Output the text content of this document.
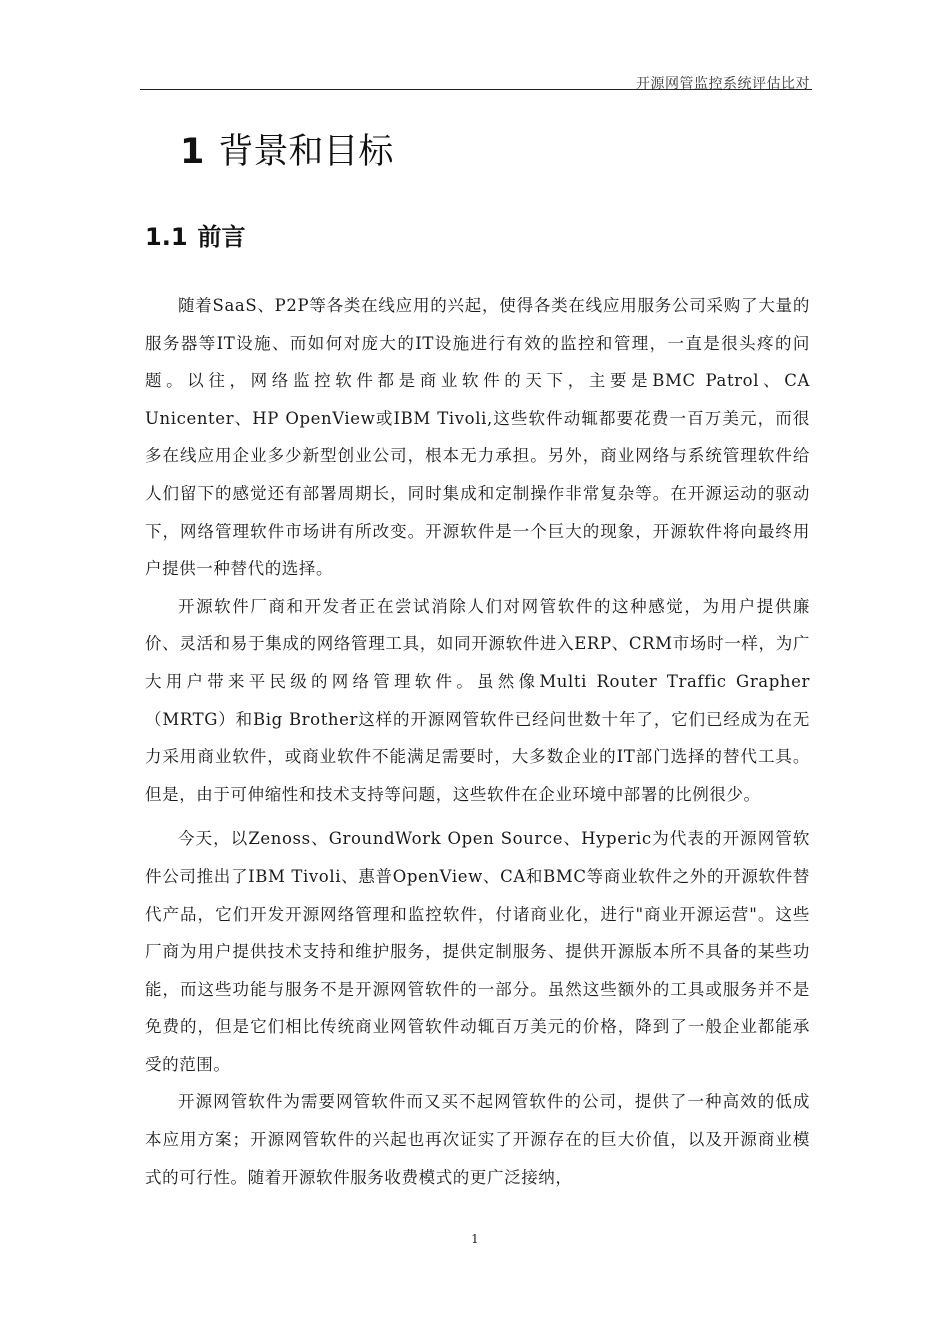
开源网管监控系统评估比对
1 背景和目标
1.1 前言

随着SaaS、P2P等各类在线应用的兴起，使得各类在线应用服务公司采购了大量的服务器等IT设施、而如何对庞大的IT设施进行有效的监控和管理，一直是很头疼的问题。以往，网络监控软件都是商业软件的天下，主要是BMC Patrol、CA Unicenter、HP OpenView或IBM Tivoli,这些软件动辄都要花费一百万美元，而很多在线应用企业多少新型创业公司，根本无力承担。另外，商业网络与系统管理软件给人们留下的感觉还有部署周期长，同时集成和定制操作非常复杂等。在开源运动的驱动下，网络管理软件市场讲有所改变。开源软件是一个巨大的现象，开源软件将向最终用户提供一种替代的选择。

开源软件厂商和开发者正在尝试消除人们对网管软件的这种感觉，为用户提供廉价、灵活和易于集成的网络管理工具，如同开源软件进入ERP、CRM市场时一样，为广大用户带来平民级的网络管理软件。虽然像Multi Router Traffic Grapher（MRTG）和Big Brother这样的开源网管软件已经问世数十年了，它们已经成为在无力采用商业软件，或商业软件不能满足需要时，大多数企业的IT部门选择的替代工具。但是，由于可伸缩性和技术支持等问题，这些软件在企业环境中部署的比例很少。

今天，以Zenoss、GroundWork Open Source、Hyperic为代表的开源网管软件公司推出了IBM Tivoli、惠普OpenView、CA和BMC等商业软件之外的开源软件替代产品，它们开发开源网络管理和监控软件，付诸商业化，进行"商业开源运营"。这些厂商为用户提供技术支持和维护服务，提供定制服务、提供开源版本所不具备的某些功能，而这些功能与服务不是开源网管软件的一部分。虽然这些额外的工具或服务并不是免费的，但是它们相比传统商业网管软件动辄百万美元的价格，降到了一般企业都能承受的范围。

开源网管软件为需要网管软件而又买不起网管软件的公司，提供了一种高效的低成本应用方案；开源网管软件的兴起也再次证实了开源存在的巨大价值，以及开源商业模式的可行性。随着开源软件服务收费模式的更广泛接纳，

1
